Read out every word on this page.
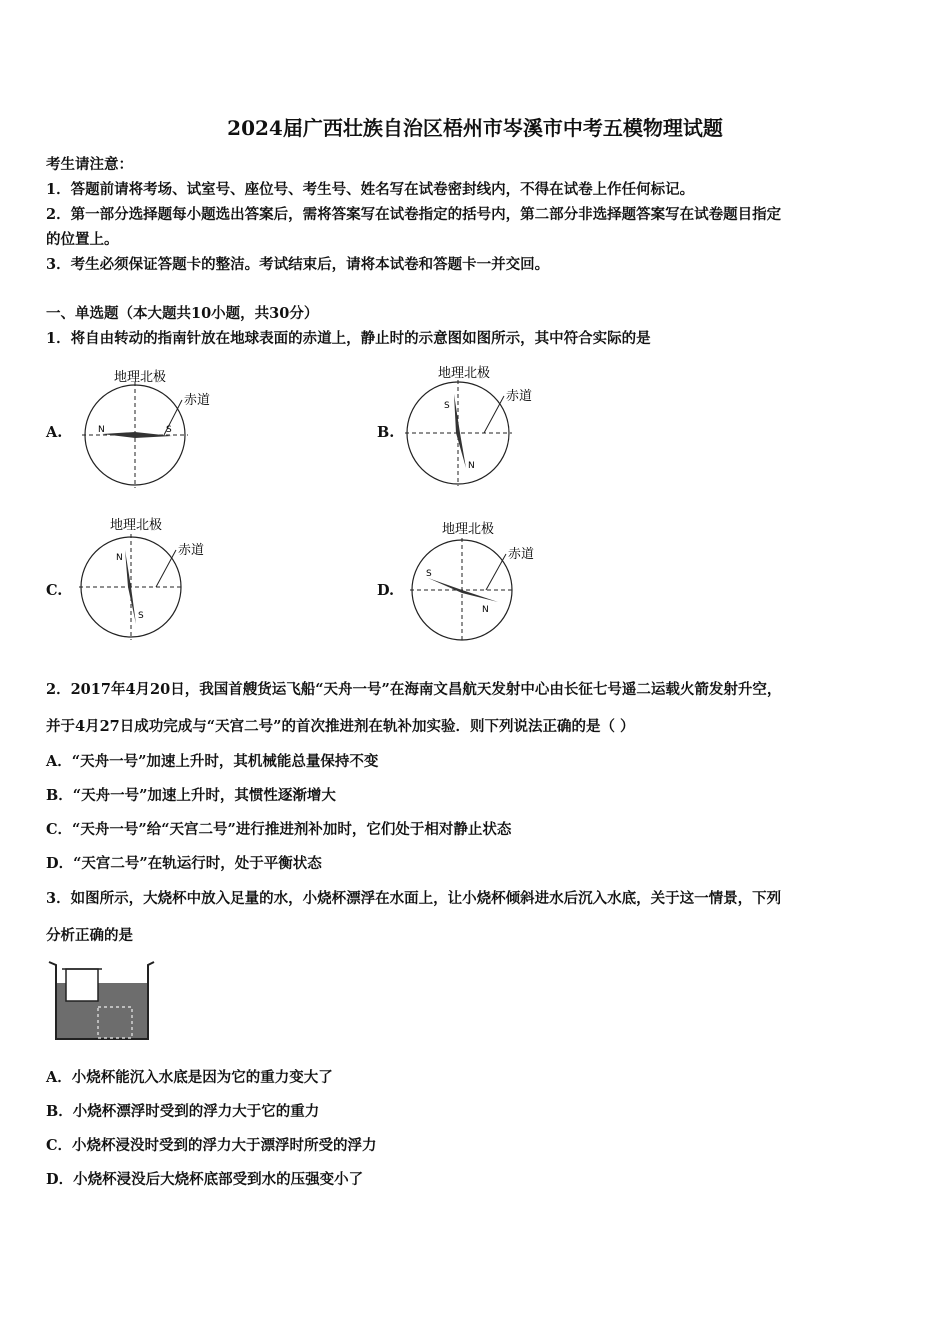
2024届广西壮族自治区梧州市岑溪市中考五模物理试题
考生请注意：
1．答题前请将考场、试室号、座位号、考生号、姓名写在试卷密封线内，不得在试卷上作任何标记。
2．第一部分选择题每小题选出答案后，需将答案写在试卷指定的括号内，第二部分非选择题答案写在试卷题目指定
的位置上。
3．考生必须保证答题卡的整洁。考试结束后，请将本试卷和答题卡一并交回。
一、单选题（本大题共10小题，共30分）
1．将自由转动的指南针放在地球表面的赤道上，静止时的示意图如图所示，其中符合实际的是
A.
地理北极
赤道
N	S	B.
地理北极
赤道
S
N
C.
地理北极
赤道
N
S
D.
地理北极
赤道
S
N
2．2017年4月20日，我国首艘货运飞船“天舟一号”在海南文昌航天发射中心由长征七号遥二运载火箭发射升空，
并于4月27日成功完成与“天宫二号”的首次推进剂在轨补加实验．则下列说法正确的是（ ）
A．“天舟一号”加速上升时，其机械能总量保持不变
B．“天舟一号”加速上升时，其惯性逐渐增大
C．“天舟一号”给“天宫二号”进行推进剂补加时，它们处于相对静止状态
D．“天宫二号”在轨运行时，处于平衡状态
3．如图所示，大烧杯中放入足量的水，小烧杯漂浮在水面上，让小烧杯倾斜进水后沉入水底，关于这一情景，下列
分析正确的是
A．小烧杯能沉入水底是因为它的重力变大了
B．小烧杯漂浮时受到的浮力大于它的重力
C．小烧杯浸没时受到的浮力大于漂浮时所受的浮力
D．小烧杯浸没后大烧杯底部受到水的压强变小了
